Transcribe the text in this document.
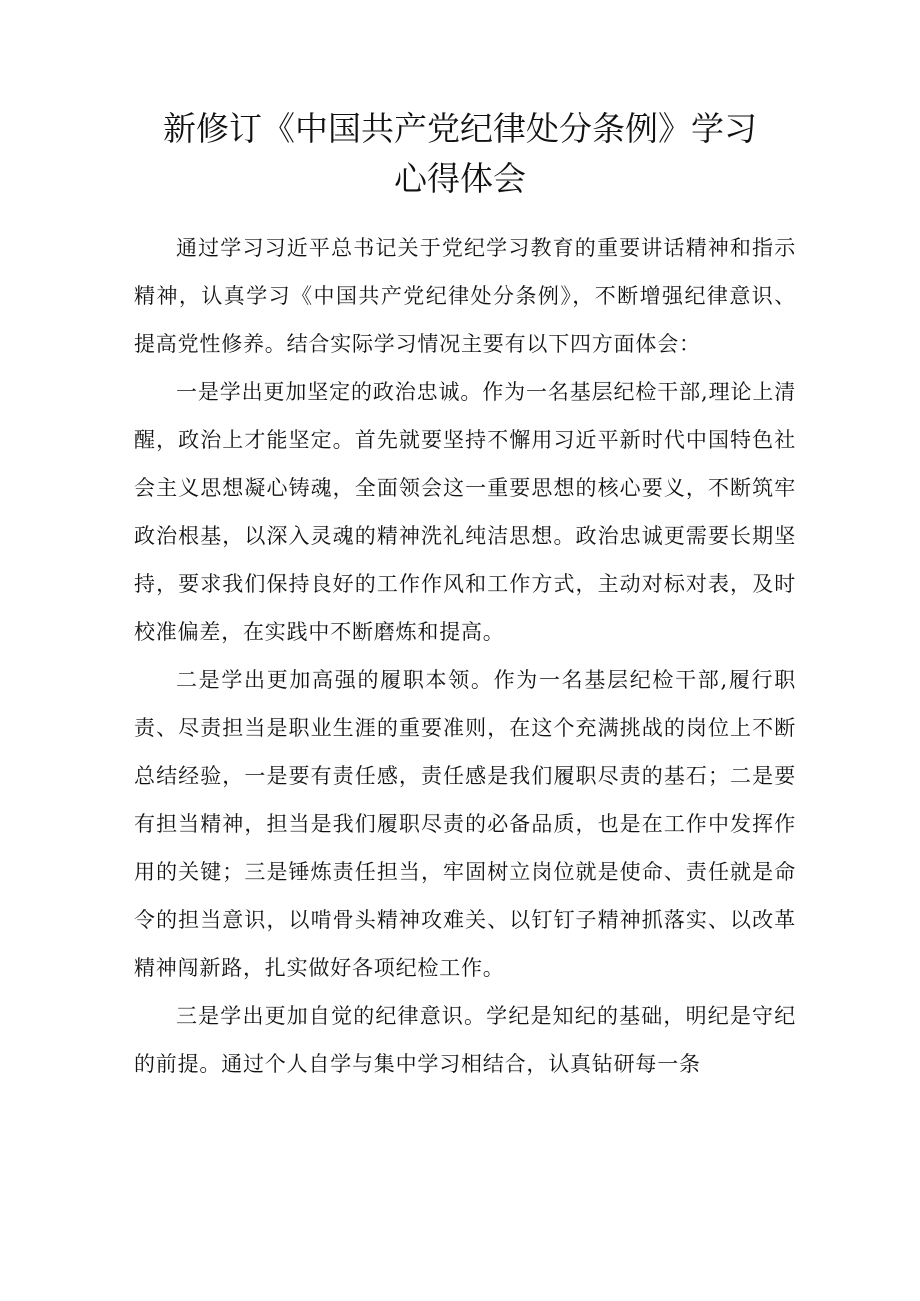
新修订《中国共产党纪律处分条例》学习
心得体会

通过学习习近平总书记关于党纪学习教育的重要讲话精神和指示精神，认真学习《中国共产党纪律处分条例》，不断增强纪律意识、提高党性修养。结合实际学习情况主要有以下四方面体会：

一是学出更加坚定的政治忠诚。作为一名基层纪检干部,理论上清醒，政治上才能坚定。首先就要坚持不懈用习近平新时代中国特色社会主义思想凝心铸魂，全面领会这一重要思想的核心要义，不断筑牢政治根基，以深入灵魂的精神洗礼纯洁思想。政治忠诚更需要长期坚持，要求我们保持良好的工作作风和工作方式，主动对标对表，及时校准偏差，在实践中不断磨炼和提高。

二是学出更加高强的履职本领。作为一名基层纪检干部,履行职责、尽责担当是职业生涯的重要准则，在这个充满挑战的岗位上不断总结经验，一是要有责任感，责任感是我们履职尽责的基石；二是要有担当精神，担当是我们履职尽责的必备品质，也是在工作中发挥作用的关键；三是锤炼责任担当，牢固树立岗位就是使命、责任就是命令的担当意识，以啃骨头精神攻难关、以钉钉子精神抓落实、以改革精神闯新路，扎实做好各项纪检工作。

三是学出更加自觉的纪律意识。学纪是知纪的基础，明纪是守纪的前提。通过个人自学与集中学习相结合，认真钻研每一条
